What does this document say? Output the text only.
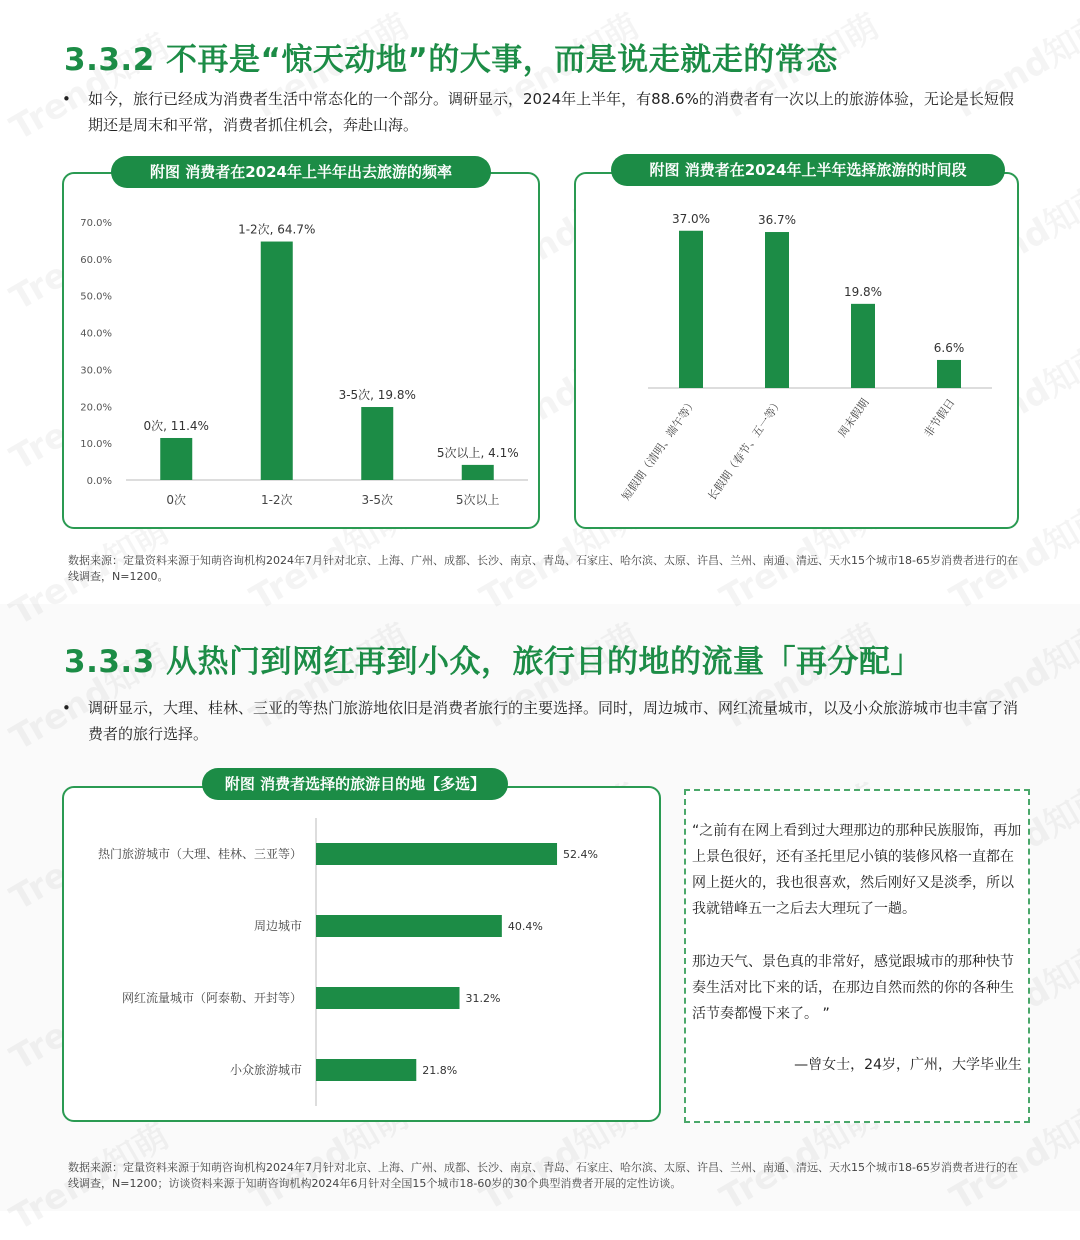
3.3.2 不再是“惊天动地”的大事，而是说走就走的常态
• 如今，旅行已经成为消费者生活中常态化的一个部分。调研显示，2024年上半年，有88.6%的消费者有一次以上的旅游体验，无论是长短假期还是周末和平常，消费者抓住机会，奔赴山海。
0.0%
10.0%
20.0%
30.0%
40.0%
50.0%
60.0%
70.0%
0次, 11.4%
0次
1-2次, 64.7%
1-2次
3-5次, 19.8%
3-5次
5次以上, 4.1%
5次以上
附图 消费者在2024年上半年出去旅游的频率
37.0%
短假期（清明、端午等）
36.7%
长假期（春节、五一等）
19.8%
周末假期
6.6%
非节假日
附图 消费者在2024年上半年选择旅游的时间段
数据来源：定量资料来源于知萌咨询机构2024年7月针对北京、上海、广州、成都、长沙、南京、青岛、石家庄、哈尔滨、太原、许昌、兰州、南通、清远、天水15个城市18-65岁消费者进行的在线调查，N=1200。
3.3.3 从热门到网红再到小众，旅行目的地的流量「再分配」
• 调研显示，大理、桂林、三亚的等热门旅游地依旧是消费者旅行的主要选择。同时，周边城市、网红流量城市，以及小众旅游城市也丰富了消费者的旅行选择。
52.4%
热门旅游城市（大理、桂林、三亚等）
40.4%
周边城市
31.2%
网红流量城市（阿泰勒、开封等）
21.8%
小众旅游城市
附图 消费者选择的旅游目的地【多选】
“之前有在网上看到过大理那边的那种民族服饰，再加上景色很好，还有圣托里尼小镇的装修风格一直都在网上挺火的，我也很喜欢，然后刚好又是淡季，所以我就错峰五一之后去大理玩了一趟。
那边天气、景色真的非常好，感觉跟城市的那种快节奏生活对比下来的话，在那边自然而然的你的各种生活节奏都慢下来了。 ”
—曾女士，24岁，广州，大学毕业生
数据来源：定量资料来源于知萌咨询机构2024年7月针对北京、上海、广州、成都、长沙、南京、青岛、石家庄、哈尔滨、太原、许昌、兰州、南通、清远、天水15个城市18-65岁消费者进行的在线调查，N=1200；访谈资料来源于知萌咨询机构2024年6月针对全国15个城市18-60岁的30个典型消费者开展的定性访谈。
